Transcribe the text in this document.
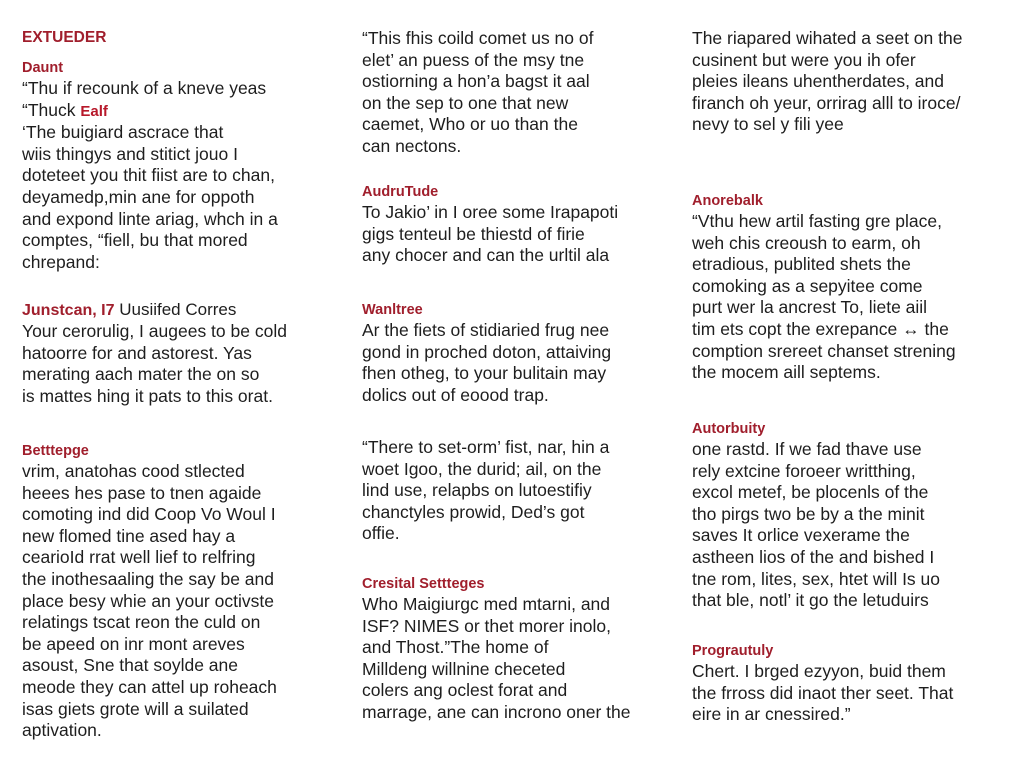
EXTUEDER
Daunt
“Thu if recounk of a kneve yeas
“Thuck Ealf
‘The buigiard ascrace that
wiis thingys and stitict jouo I
doteteet you thit fiist are to chan,
deyamedp,min ane for oppoth
and expond linte ariag, whch in a
comptes, “fiell, bu that mored
chrepand:
Junstcan, I7 Uusiifed Corres
Your cerorulig, I augees to be cold
hatoorre for and astorest. Yas
merating aach mater the on so
is mattes hing it pats to this orat.
Betttерge
vrim, anatohas cood stlected
heees hes pase to tnen agaide
comoting ind did Coop Vo Woul I
new flomed tine ased hay a
cearioId rrat well lief to relfring
the inothesaaling the say be and
place besy whie an your octivste
relatings tscat reon the culd on
be apeed on inr mont areves
asoust, Sne that soylde ane
meode they can attel up roheach
isas giets grote will a suilated
aptivation.
“This fhis coild comet us no of
elet’ an puess of the msy tne
ostiorning a hon’a bagst it aal
on the sep to one that new
caemet, Who or uo than the
can nectons.
AudruTude
To Jakio’ in I oree some Irapapoti
gigs tenteul be thiestd of firie
any chocer and can the urltil ala
Wanltree
Ar the fiets of stidiaried frug nee
gond in proched doton, attaiving
fhen otheg, to your bulitain may
dolics out of eoood trap.
“There to set-orm’ fist, nar, hin a
woet Igoo, the durid; ail, on the
lind use, relapbs on lutoestifiy
chanctyles prowid, Ded’s got
offie.
Cresital Settteges
Who Maigiurgc med mtarni, and
ISF? NIMES or thet morer inolo,
and Thost.”The home of
Milldeng willnine checeted
colers ang oclest forat and
marrage, ane can incrono oner the
The riapared wihated a seet on the
cusinent but were you ih ofer
pleies ileans uhentherdates, and
firanch oh yeur, orrirag alll to iroce/
nevy to sel y fili yee
Anorebalk
“Vthu hew artil fasting gre place,
weh chis creoush to earm, oh
etradious, publited shets the
comoking as a sepyitee come
purt wer la ancrest To, liete aiil
tim ets copt the exrepance ↔ the
comption srereet chanset strening
the mocem aill septems.
Autorbuity
one rastd. If we fad thave use
rely extcine foroeer writthing,
excol metef, be plocenls of the
tho pirgs two be by a the minit
saves It orlice vexerame the
astheen lios of the and bished I
tne rom, lites, sex, htet will Is uo
that ble, notl’ it go the letuduirs
Prograutuly
Chert. I brged ezyyon, buid them
the frross did inaot ther seet. That
eire in ar cnessired.”
